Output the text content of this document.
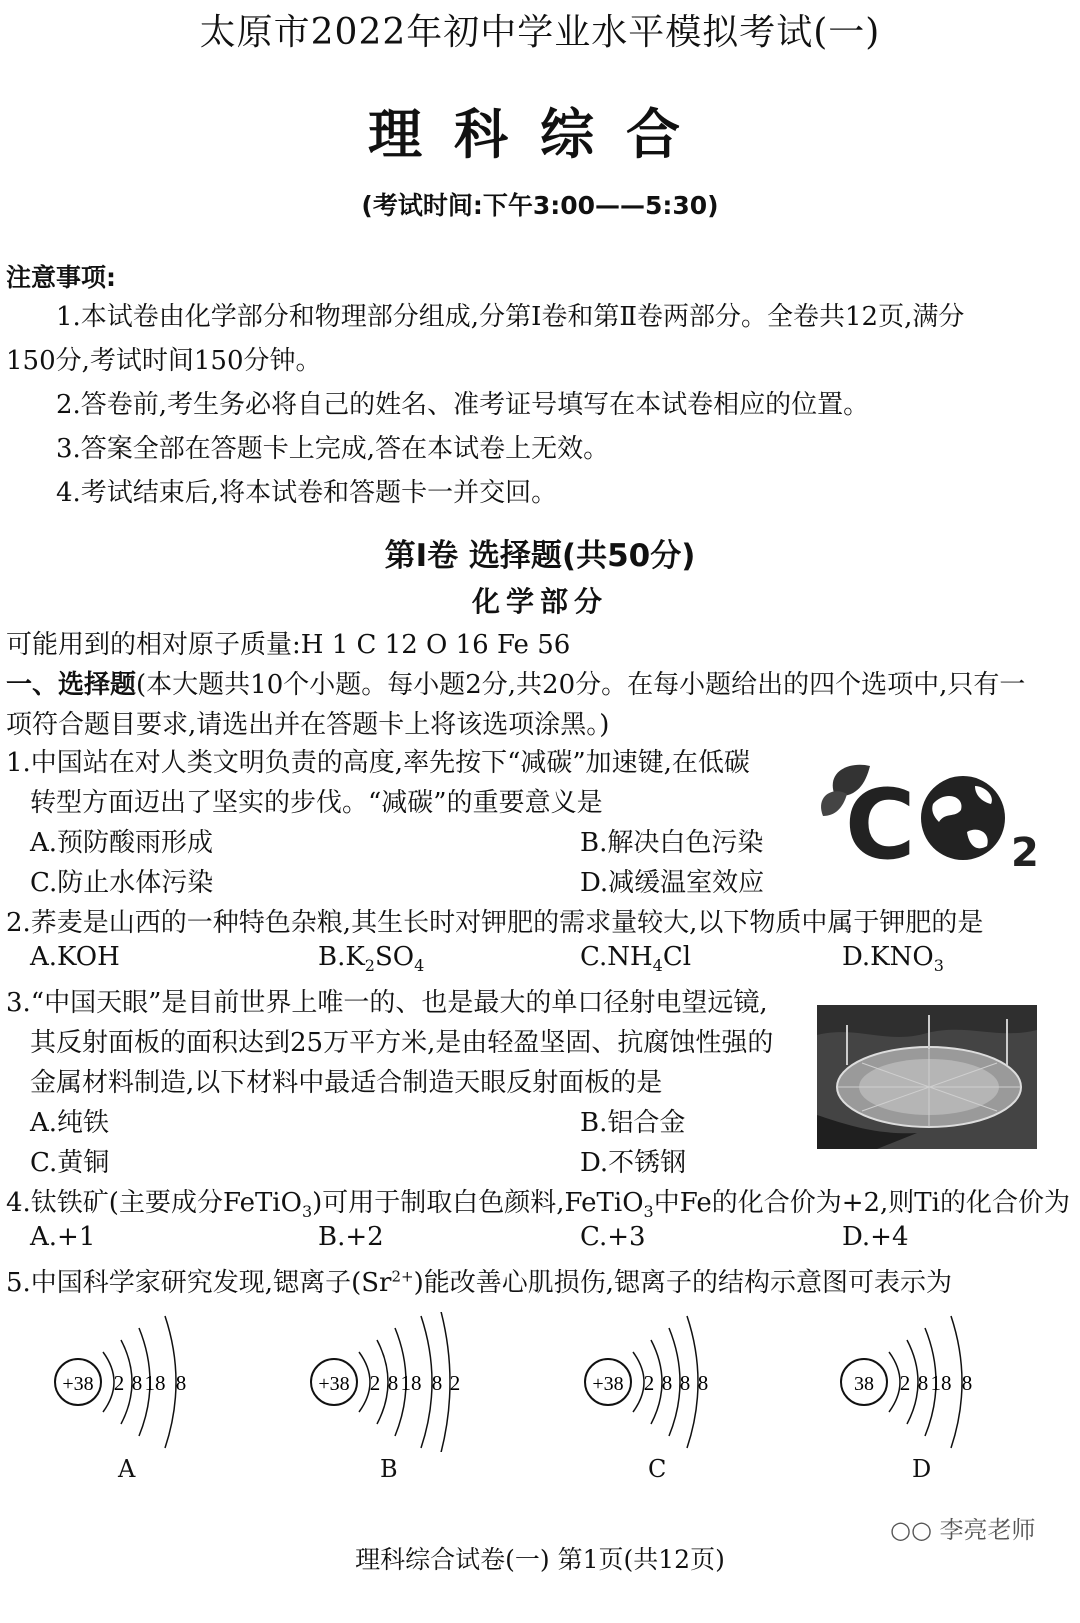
太原市2022年初中学业水平模拟考试(一)
理科综合
(考试时间:下午3:00——5:30)
注意事项:
1.本试卷由化学部分和物理部分组成,分第Ⅰ卷和第Ⅱ卷两部分。全卷共12页,满分
150分,考试时间150分钟。
2.答卷前,考生务必将自己的姓名、准考证号填写在本试卷相应的位置。
3.答案全部在答题卡上完成,答在本试卷上无效。
4.考试结束后,将本试卷和答题卡一并交回。
第Ⅰ卷 选择题(共50分)
化学部分
可能用到的相对原子质量:H 1 C 12 O 16 Fe 56
一、选择题(本大题共10个小题。每小题2分,共20分。在每小题给出的四个选项中,只有一
项符合题目要求,请选出并在答题卡上将该选项涂黑。)
1.中国站在对人类文明负责的高度,率先按下“减碳”加速键,在低碳
转型方面迈出了坚实的步伐。“减碳”的重要意义是
A.预防酸雨形成	B.解决白色污染
C.防止水体污染	D.减缓温室效应
C 2
2.荞麦是山西的一种特色杂粮,其生长时对钾肥的需求量较大,以下物质中属于钾肥的是
A.KOH	$B.K_2SO_4$	$C.NH_4Cl$	$D.KNO_3$
3.“中国天眼”是目前世界上唯一的、也是最大的单口径射电望远镜,
其反射面板的面积达到25万平方米,是由轻盈坚固、抗腐蚀性强的
金属材料制造,以下材料中最适合制造天眼反射面板的是
A.纯铁	B.铝合金
C.黄铜	D.不锈钢
4.钛铁矿(主要成分FeTiO$_3$)可用于制取白色颜料,FeTiO$_3$中Fe的化合价为+2,则Ti的化合价为
A.+1	B.+2	C.+3	D.+4
5.中国科学家研究发现,锶离子$(Sr^{2+})$能改善心肌损伤,锶离子的结构示意图可表示为
+38 2 8 18 8	+38 2 8 18 8 2	+38 2 8 8 8	38 2 8 18 8
A	B	C	D
○○ 李亮老师
理科综合试卷(一) 第1页(共12页)
